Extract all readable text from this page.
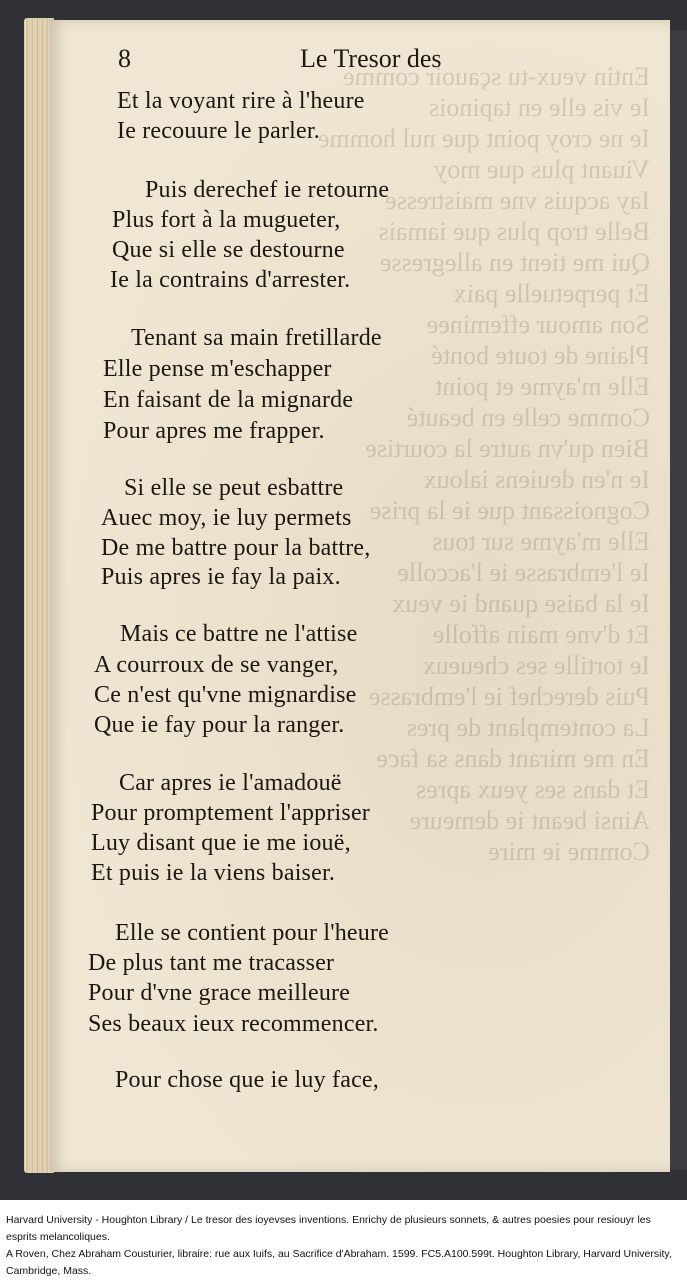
8	Le Tresor des
Et la voyant rire à l'heure
Ie recouure le parler.
Puis derechef ie retourne
Plus fort à la mugueter,
Que si elle se destourne
Ie la contrains d'arrester.
Tenant sa main fretillarde
Elle pense m'eschapper
En faisant de la mignarde
Pour apres me frapper.
Si elle se peut esbattre
Auec moy, ie luy permets
De me battre pour la battre,
Puis apres ie fay la paix.
Mais ce battre ne l'attise
A courroux de se vanger,
Ce n'est qu'vne mignardise
Que ie fay pour la ranger.
Car apres ie l'amadouë
Pour promptement l'appriser
Luy disant que ie me iouë,
Et puis ie la viens baiser.
Elle se contient pour l'heure
De plus tant me tracasser
Pour d'vne grace meilleure
Ses beaux ieux recommencer.
Pour chose que ie luy face,

Harvard University - Houghton Library / Le tresor des ioyevses inventions. Enrichy de plusieurs sonnets, & autres poesies pour resiouyr les esprits melancoliques.

A Roven, Chez Abraham Cousturier, libraire: rue aux Iuifs, au Sacrifice d'Abraham. 1599. FC5.A100.599t. Houghton Library, Harvard University, Cambridge, Mass.
